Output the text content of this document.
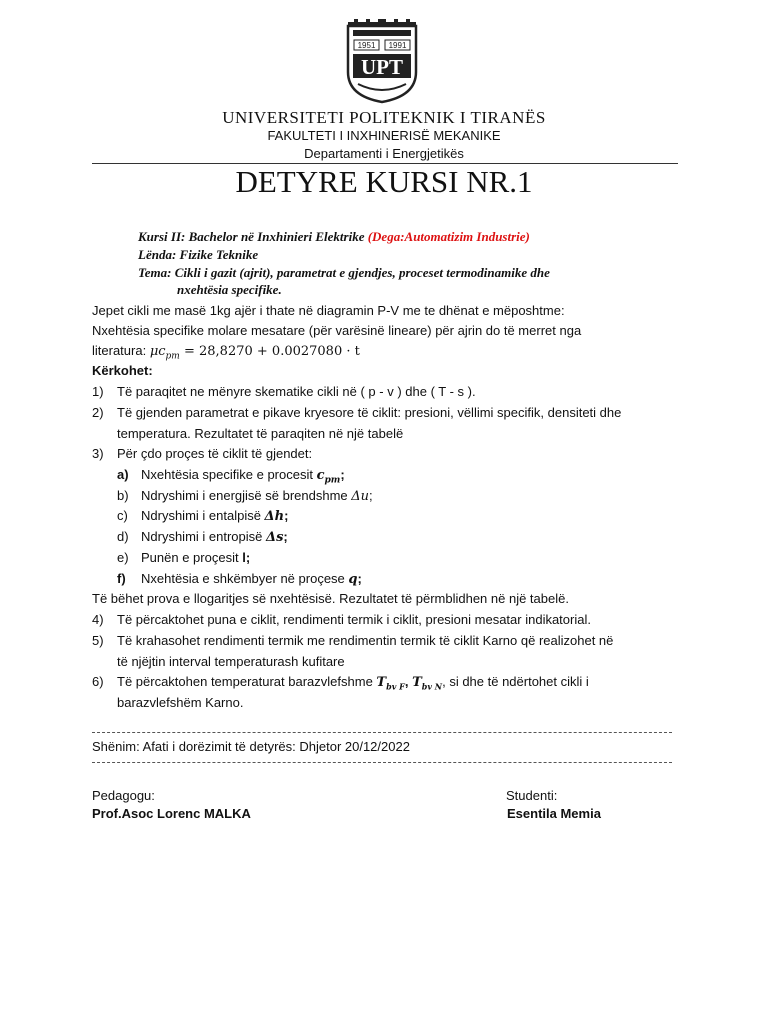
1951 1991
UPT
UNIVERSITETI POLITEKNIK I TIRANËS
FAKULTETI I INXHINERISË MEKANIKE
Departamenti i Energjetikës
DETYRE KURSI NR.1
Kursi II: Bachelor në Inxhinieri Elektrike (Dega:Automatizim Industrie)
Lënda: Fizike Teknike
Tema: Cikli i gazit (ajrit), parametrat e gjendjes, proceset termodinamike dhe
nxehtësia specifike.
Jepet cikli me masë 1kg ajër i thate në diagramin P-V me te dhënat e mëposhtme:
Nxehtësia specifike molare mesatare (për varësinë lineare) për ajrin do të merret nga
literatura: $\mu c_{pm} = 28,8270 + 0.0027080 \cdot t$
Kërkohet:
1) Të paraqitet ne mënyre skematike cikli në ( p - v ) dhe ( T - s ).
2) Të gjenden parametrat e pikave kryesore të ciklit: presioni, vëllimi specifik, densiteti dhe
temperatura. Rezultatet të paraqiten në një tabelë
3) Për çdo proçes të ciklit të gjendet:
a) Nxehtësia specifike e procesit $c_{pm}$;
b) Ndryshimi i energjisë së brendshme Δu;
c) Ndryshimi i entalpisë Δh;
d) Ndryshimi i entropisë Δs;
e) Punën e proçesit l;
f) Nxehtësia e shkëmbyer në proçese q;
Të bëhet prova e llogaritjes së nxehtësisë. Rezultatet të përmblidhen në një tabelë.
4) Të përcaktohet puna e ciklit, rendimenti termik i ciklit, presioni mesatar indikatorial.
5) Të krahasohet rendimenti termik me rendimentin termik të ciklit Karno që realizohet në
të njëjtin interval temperaturash kufitare
6) Të përcaktohen temperaturat barazvlefshme $T_{bv F}$, $T_{bv N}$, si dhe të ndërtohet cikli i
barazvlefshëm Karno.
Shënim: Afati i dorëzimit të detyrës: Dhjetor 20/12/2022
Pedagogu:
Prof.Asoc Lorenc MALKA
Studenti:
Esentila Memia
